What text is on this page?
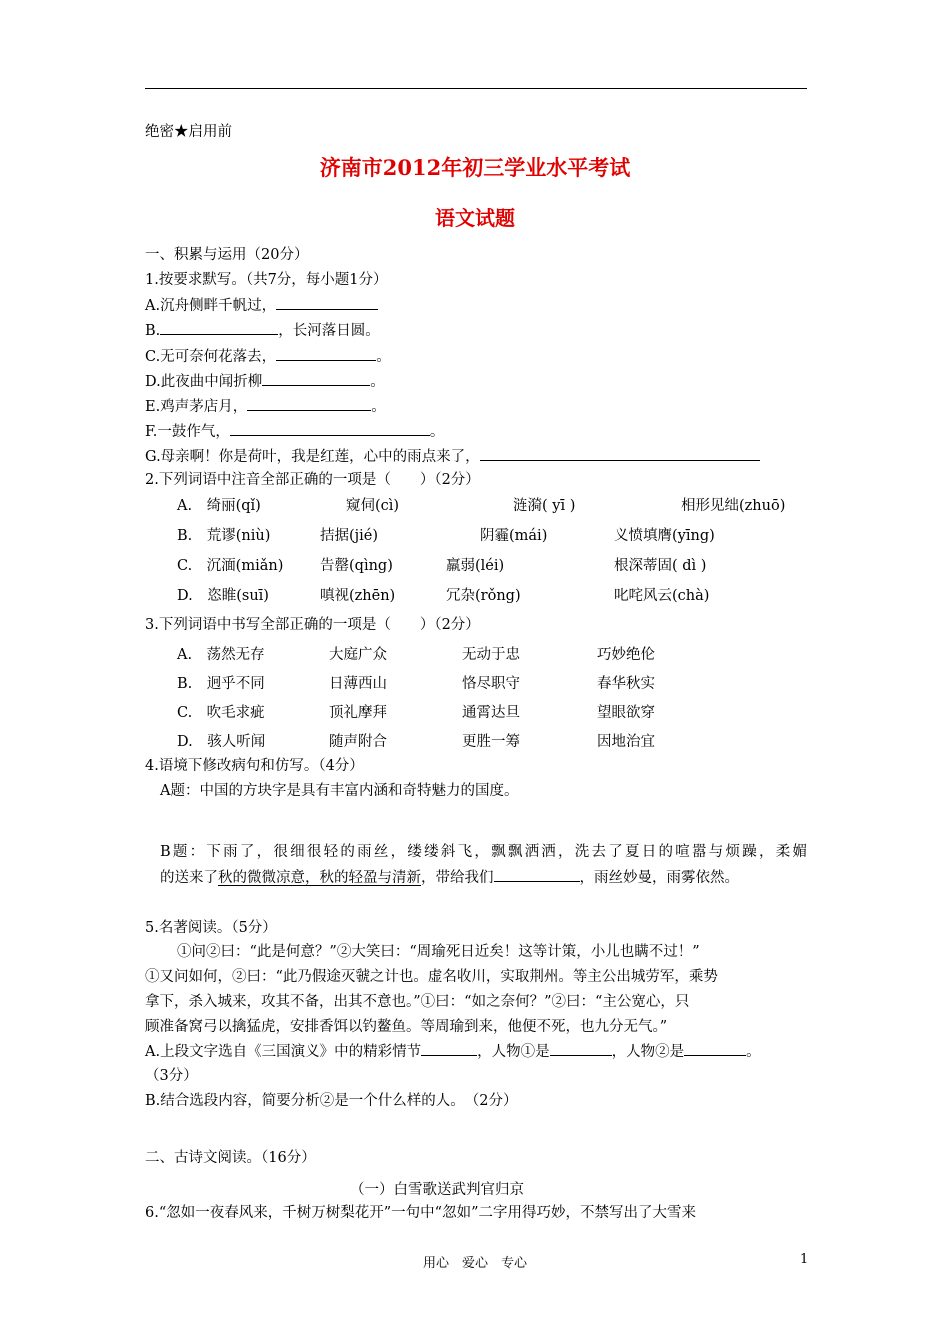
绝密★启用前
济南市2012年初三学业水平考试
语文试题
一、积累与运用（20分）
1.按要求默写。（共7分，每小题1分）
A.沉舟侧畔千帆过，
B.	，长河落日圆。
C.无可奈何花落去，	。
D.此夜曲中闻折柳	。
E.鸡声茅店月，	。
F.一鼓作气，	。
G.母亲啊！你是荷叶，我是红莲，心中的雨点来了，
2.下列词语中注音全部正确的一项是（　　）（2分）
A.　绮丽(qǐ)	窥伺(cì)	涟漪( yī )	相形见绌(zhuō)
B.　荒谬(niù)	拮据(jié)	阴霾(mái)	义愤填膺(yīng)
C.　沉湎(miǎn)	告罄(qìng)	羸弱(léi)	根深蒂固( dì )
D.　恣睢(suī)	嗔视(zhēn)	冗杂(rǒng)	叱咤风云(chà)
3.下列词语中书写全部正确的一项是（　　）（2分）
A.　荡然无存	大庭广众	无动于忠	巧妙绝伦
B.　迥乎不同	日薄西山	恪尽职守	春华秋实
C.　吹毛求疵	顶礼摩拜	通霄达旦	望眼欲穿
D.　骇人听闻	随声附合	更胜一筹	因地治宜
4.语境下修改病句和仿写。（4分）
A题：中国的方块字是具有丰富内涵和奇特魅力的国度。
B题：下雨了，很细很轻的雨丝，缕缕斜飞，飘飘洒洒，洗去了夏日的喧嚣与烦躁，柔媚
的送来了秋的微微凉意，秋的轻盈与清新，带给我们	，雨丝妙曼，雨雾依然。
5.名著阅读。（5分）
①问②曰：“此是何意？”②大笑曰：“周瑜死日近矣！这等计策，小儿也瞒不过！”
①又问如何，②曰：“此乃假途灭虢之计也。虚名收川，实取荆州。等主公出城劳军，乘势
拿下，杀入城来，攻其不备，出其不意也。”①曰：“如之奈何？”②曰：“主公宽心，只
顾准备窝弓以擒猛虎，安排香饵以钓鳌鱼。等周瑜到来，他便不死，也九分无气。”
A.上段文字选自《三国演义》中的精彩情节	，人物①是	，人物②是	。
（3分）
B.结合选段内容，简要分析②是一个什么样的人。　（2分）
二、古诗文阅读。（16分）
（一）白雪歌送武判官归京
6.“忽如一夜春风来，千树万树梨花开”一句中“忽如”二字用得巧妙，不禁写出了大雪来
用心　爱心　专心	1
